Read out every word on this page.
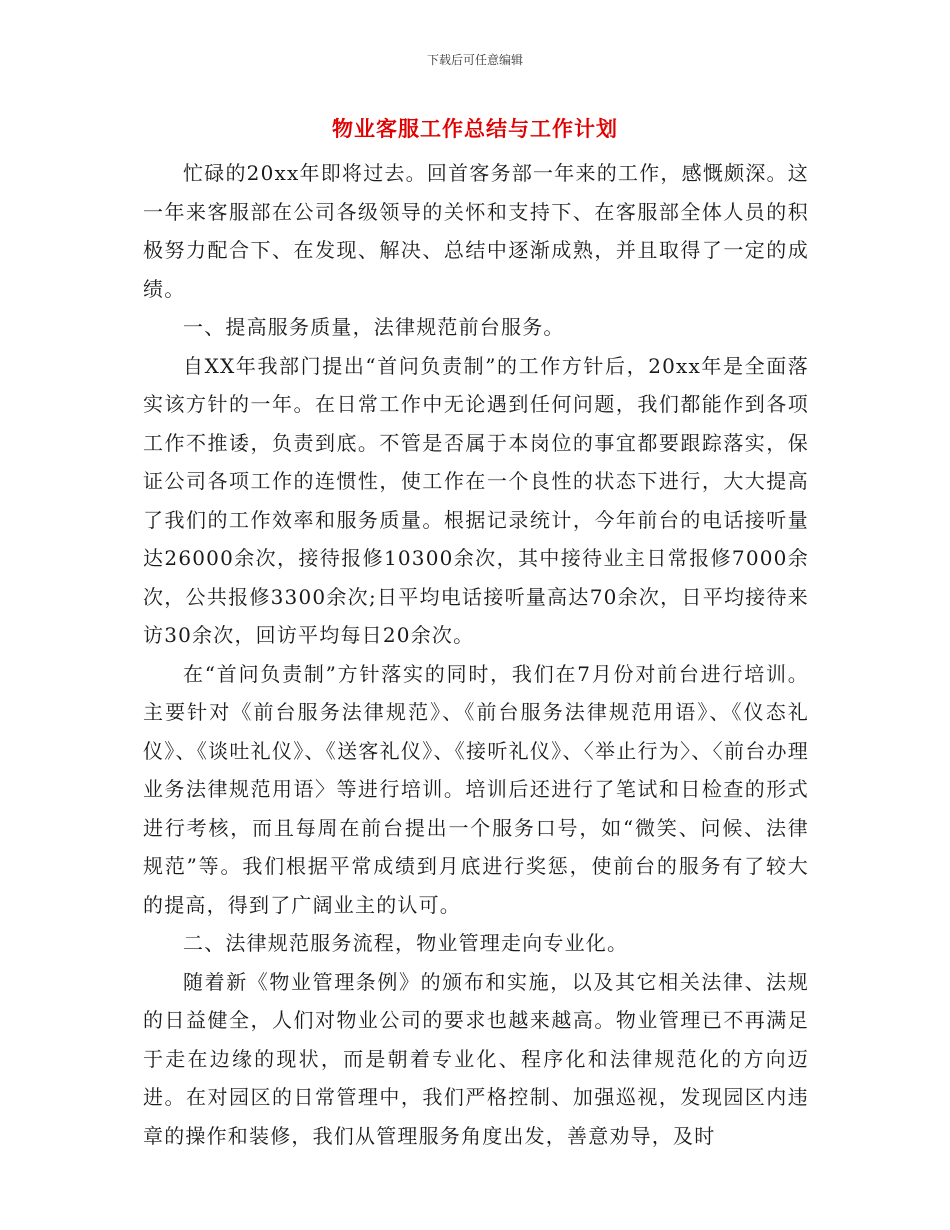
下载后可任意编辑
物业客服工作总结与工作计划

忙碌的20xx年即将过去。回首客务部一年来的工作，感慨颇深。这一年来客服部在公司各级领导的关怀和支持下、在客服部全体人员的积极努力配合下、在发现、解决、总结中逐渐成熟，并且取得了一定的成绩。

一、提高服务质量，法律规范前台服务。

自XX年我部门提出“首问负责制”的工作方针后，20xx年是全面落实该方针的一年。在日常工作中无论遇到任何问题，我们都能作到各项工作不推诿，负责到底。不管是否属于本岗位的事宜都要跟踪落实，保证公司各项工作的连惯性，使工作在一个良性的状态下进行，大大提高了我们的工作效率和服务质量。根据记录统计，今年前台的电话接听量达26000余次，接待报修10300余次，其中接待业主日常报修7000余次，公共报修3300余次;日平均电话接听量高达70余次，日平均接待来访30余次，回访平均每日20余次。

在“首问负责制”方针落实的同时，我们在7月份对前台进行培训。主要针对《前台服务法律规范》、《前台服务法律规范用语》、《仪态礼仪》、《谈吐礼仪》、《送客礼仪》、《接听礼仪》、〈举止行为〉、〈前台办理业务法律规范用语〉等进行培训。培训后还进行了笔试和日检查的形式进行考核，而且每周在前台提出一个服务口号，如“微笑、问候、法律规范”等。我们根据平常成绩到月底进行奖惩，使前台的服务有了较大的提高，得到了广阔业主的认可。

二、法律规范服务流程，物业管理走向专业化。

随着新《物业管理条例》的颁布和实施，以及其它相关法律、法规的日益健全，人们对物业公司的要求也越来越高。物业管理已不再满足于走在边缘的现状，而是朝着专业化、程序化和法律规范化的方向迈进。在对园区的日常管理中，我们严格控制、加强巡视，发现园区内违章的操作和装修，我们从管理服务角度出发，善意劝导，及时
